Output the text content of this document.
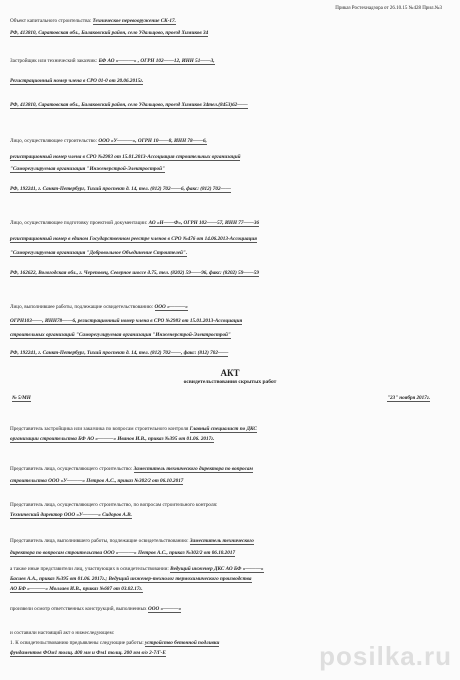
Приказ Ростехнадзора от 26.10.15 №428 Прил.№3
Объект капитального строительства: Техническое перевооружение СК-17.
РФ, 413810, Саратовская обл., Балаковский район, село Удальцово, проезд Химиков 34
Застройщик или технический заказчик: БФ АО «———» , ОГРН 102——12, ИНН 51——3,
Регистрационный номер члена в СРО 01-0 от 20.06.2015г.
РФ, 413810, Саратовская обл., Балаковский район, село Удальцово, проезд Химиков 34тел.(8453)62——
Лицо, осуществляющее строительство: ООО «У———», ОГРН 10——8, ИНН 78——6,
регистрационный номер члена в СРО №2983 от 15.01.2013-Ассоциация строительных организаций
"Саморегулируемая организация "Инженерстрой-Электрострой"
РФ, 192241, г. Санкт-Петербург, Тихий проспект д. 14, тел. (812) 702——6, факс: (812) 702——
Лицо, осуществляющее подготовку проектной документации: АО «Н——Ф», ОГРН 102——57, ИНН 77——36
регистрационный номер в едином Государственном реестре членов в СРО №476 от 14.06.2013-Ассоциация
"Саморегулируемая организация "Добровольное Объединение Строителей".
РФ, 162622, Вологодская обл., г. Череповец, Северное шоссе д.75, тел. (8202) 59——96, факс: (8202) 59——59
Лицо, выполнившее работы, подлежащие освидетельствованию: ООО «———»
ОГРН103——, ИНН78——6, регистрационный номер члена в СРО №2983 от 15.01.2013-Ассоциация
строительных организаций "Саморегулируемая организация "Инженерстрой-Электрострой"
РФ, 192241, г. Санкт-Петербург, Тихий проспект д. 14, тел. (812) 702——, факс: (812) 702——
АКТ
освидетельствования скрытых работ
№ 5/МН	"23" ноября 2017г.
Представитель застройщика или заказчика по вопросам строительного контроля Главный специалист по ДКС
организации строительства БФ АО «———» Иванов И.В., приказ №395 от 01.06. 2017г.
Представитель лица, осуществляющего строительство: Заместитель технического директора по вопросам
строительства ООО «У———» Петров А.С., приказ №302/2 от 06.10.2017
Представитель лица, осуществляющего строительство, по вопросам строительного контроля:
Технический директор ООО «У———» Сидоров А.В.
Представитель лица, выполнившего работы, подлежащие освидетельствованию: Заместитель технического
директора по вопросам строительства ООО «———» Петров А.С., приказ №302/2 от 06.10.2017
а также иные представители лиц, участвующих в освидетельствовании: Ведущий инженер ДКС АО БФ «———»
Басиев А.А., приказ №395 от 01.06. 2017г.; Ведущий инженер-технолог термохимического производства
АО БФ «———» Моллаев И.В., приказ №687 от 03.02.17г.
произвели осмотр ответственных конструкций, выполненных ООО «———»
и составили настоящий акт о нижеследующем:
1. К освидетельствованию предъявлены следующие работы: устройство бетонной подливки
фундаментов ФОм1 толщ. 400 мм и Фм1 толщ. 200 мм в/о 2-7/Г-Е	posilka.ru
